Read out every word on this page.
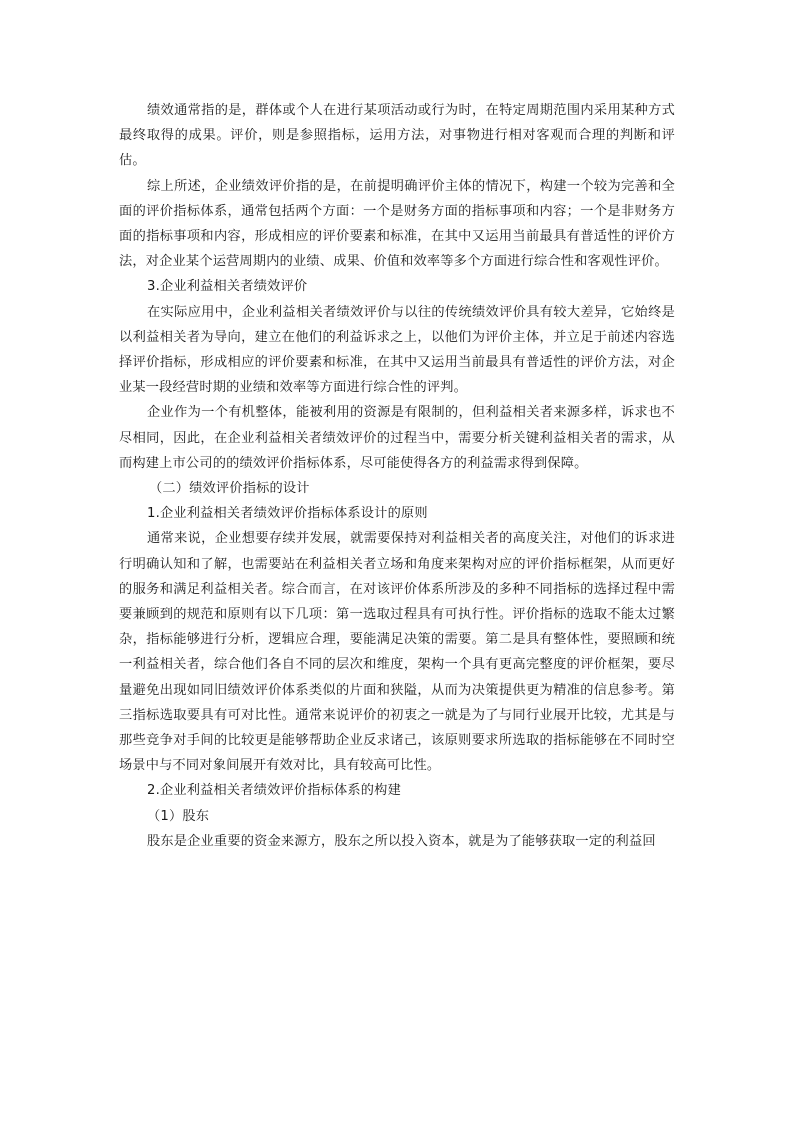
绩效通常指的是，群体或个人在进行某项活动或行为时，在特定周期范围内采用某种方式最终取得的成果。评价，则是参照指标，运用方法，对事物进行相对客观而合理的判断和评估。

综上所述，企业绩效评价指的是，在前提明确评价主体的情况下，构建一个较为完善和全面的评价指标体系，通常包括两个方面：一个是财务方面的指标事项和内容；一个是非财务方面的指标事项和内容，形成相应的评价要素和标准，在其中又运用当前最具有普适性的评价方法，对企业某个运营周期内的业绩、成果、价值和效率等多个方面进行综合性和客观性评价。

3.企业利益相关者绩效评价

在实际应用中，企业利益相关者绩效评价与以往的传统绩效评价具有较大差异，它始终是以利益相关者为导向，建立在他们的利益诉求之上，以他们为评价主体，并立足于前述内容选择评价指标，形成相应的评价要素和标准，在其中又运用当前最具有普适性的评价方法，对企业某一段经营时期的业绩和效率等方面进行综合性的评判。

企业作为一个有机整体，能被利用的资源是有限制的，但利益相关者来源多样，诉求也不尽相同，因此，在企业利益相关者绩效评价的过程当中，需要分析关键利益相关者的需求，从而构建上市公司的的绩效评价指标体系，尽可能使得各方的利益需求得到保障。

（二）绩效评价指标的设计

1.企业利益相关者绩效评价指标体系设计的原则

通常来说，企业想要存续并发展，就需要保持对利益相关者的高度关注，对他们的诉求进行明确认知和了解，也需要站在利益相关者立场和角度来架构对应的评价指标框架，从而更好的服务和满足利益相关者。综合而言，在对该评价体系所涉及的多种不同指标的选择过程中需要兼顾到的规范和原则有以下几项：第一选取过程具有可执行性。评价指标的选取不能太过繁杂，指标能够进行分析，逻辑应合理，要能满足决策的需要。第二是具有整体性，要照顾和统一利益相关者，综合他们各自不同的层次和维度，架构一个具有更高完整度的评价框架，要尽量避免出现如同旧绩效评价体系类似的片面和狭隘，从而为决策提供更为精准的信息参考。第三指标选取要具有可对比性。通常来说评价的初衷之一就是为了与同行业展开比较，尤其是与那些竞争对手间的比较更是能够帮助企业反求诸己，该原则要求所选取的指标能够在不同时空场景中与不同对象间展开有效对比，具有较高可比性。

2.企业利益相关者绩效评价指标体系的构建

（1）股东

股东是企业重要的资金来源方，股东之所以投入资本，就是为了能够获取一定的利益回
